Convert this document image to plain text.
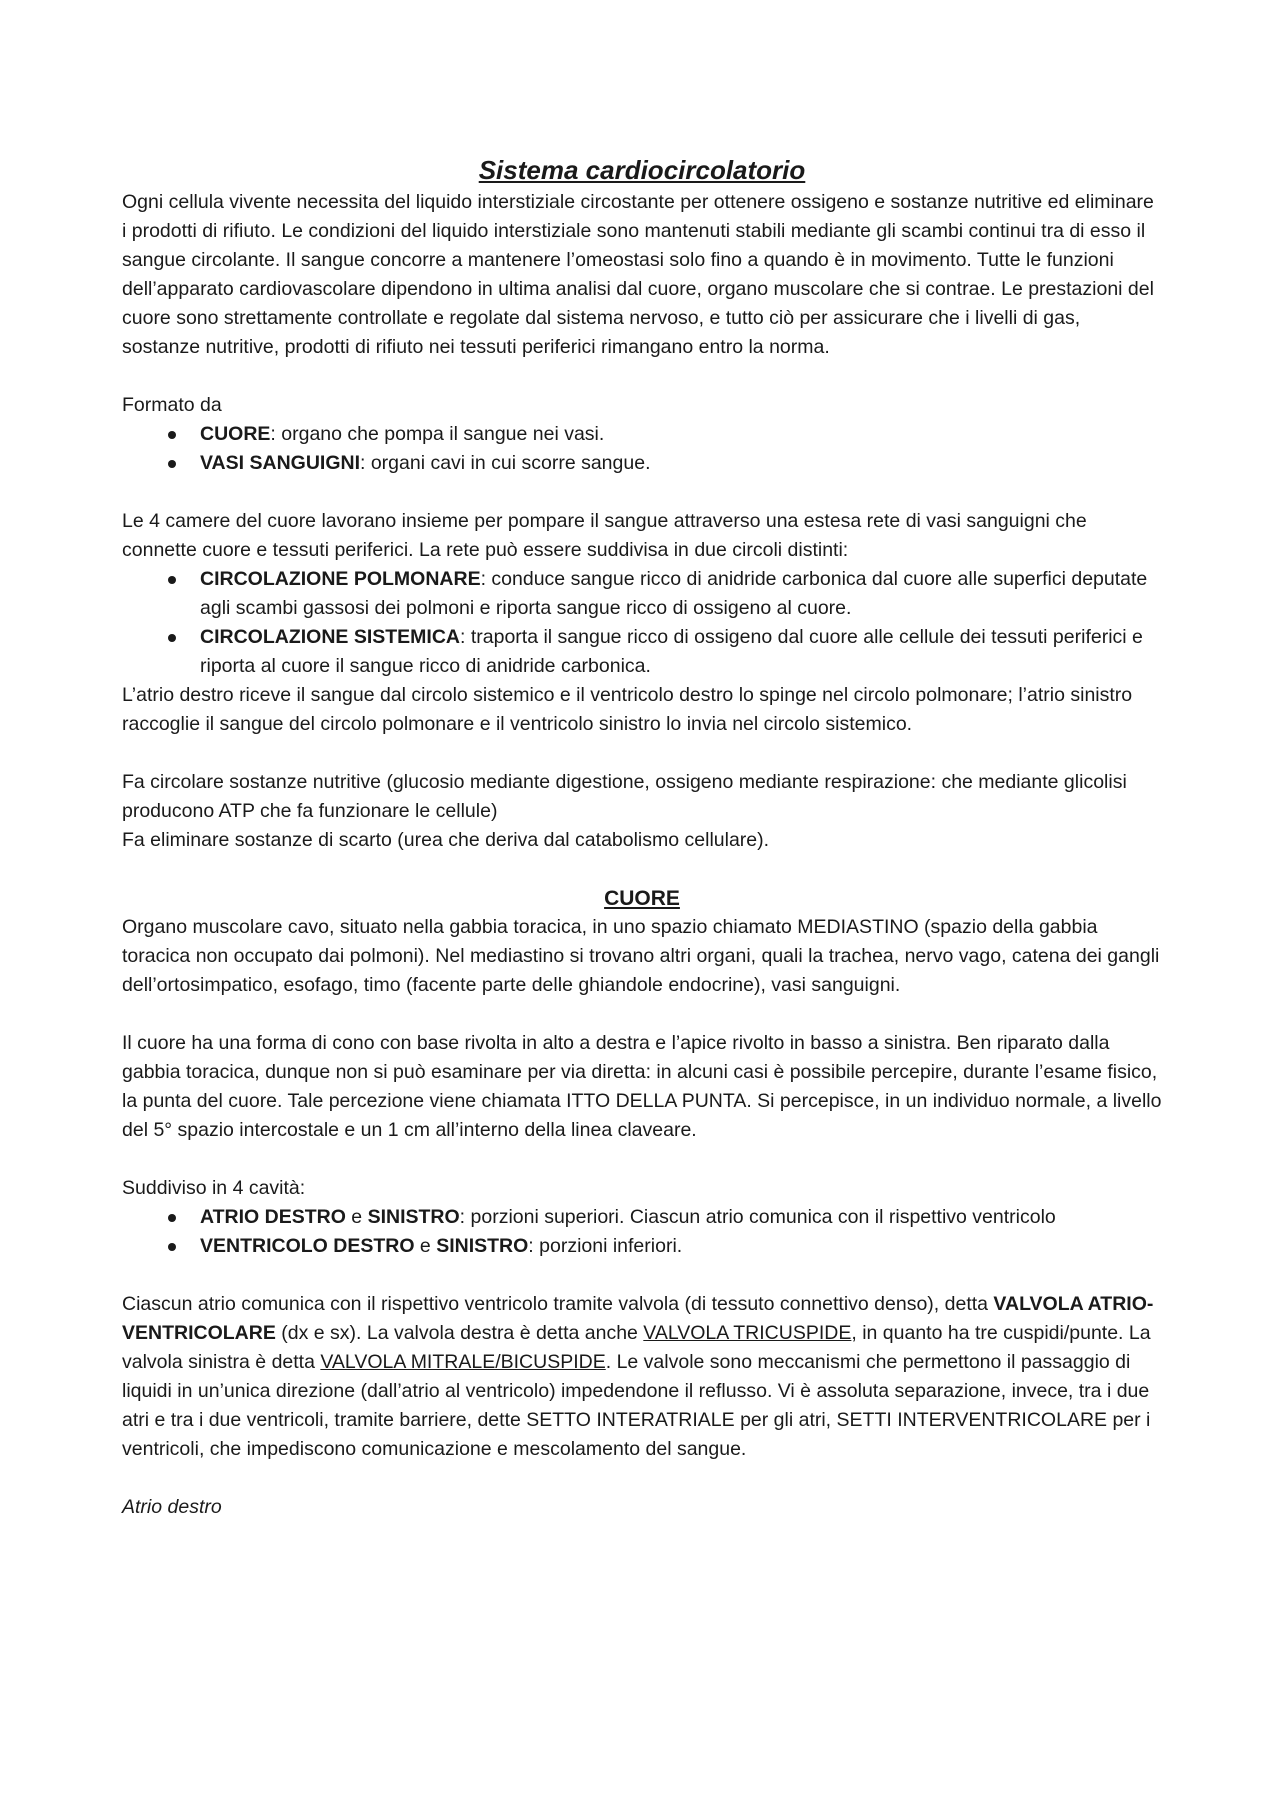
Sistema cardiocircolatorio

Ogni cellula vivente necessita del liquido interstiziale circostante per ottenere ossigeno e sostanze nutritive ed eliminare i prodotti di rifiuto. Le condizioni del liquido interstiziale sono mantenuti stabili mediante gli scambi continui tra di esso il sangue circolante. Il sangue concorre a mantenere l’omeostasi solo fino a quando è in movimento. Tutte le funzioni dell’apparato cardiovascolare dipendono in ultima analisi dal cuore, organo muscolare che si contrae. Le prestazioni del cuore sono strettamente controllate e regolate dal sistema nervoso, e tutto ciò per assicurare che i livelli di gas, sostanze nutritive, prodotti di rifiuto nei tessuti periferici rimangano entro la norma.

Formato da

CUORE: organo che pompa il sangue nei vasi.
VASI SANGUIGNI: organi cavi in cui scorre sangue.

Le 4 camere del cuore lavorano insieme per pompare il sangue attraverso una estesa rete di vasi sanguigni che connette cuore e tessuti periferici. La rete può essere suddivisa in due circoli distinti:

CIRCOLAZIONE POLMONARE: conduce sangue ricco di anidride carbonica dal cuore alle superfici deputate agli scambi gassosi dei polmoni e riporta sangue ricco di ossigeno al cuore.
CIRCOLAZIONE SISTEMICA: traporta il sangue ricco di ossigeno dal cuore alle cellule dei tessuti periferici e riporta al cuore il sangue ricco di anidride carbonica.

L’atrio destro riceve il sangue dal circolo sistemico e il ventricolo destro lo spinge nel circolo polmonare; l’atrio sinistro raccoglie il sangue del circolo polmonare e il ventricolo sinistro lo invia nel circolo sistemico.

Fa circolare sostanze nutritive (glucosio mediante digestione, ossigeno mediante respirazione: che mediante glicolisi producono ATP che fa funzionare le cellule)

Fa eliminare sostanze di scarto (urea che deriva dal catabolismo cellulare).

CUORE

Organo muscolare cavo, situato nella gabbia toracica, in uno spazio chiamato MEDIASTINO (spazio della gabbia toracica non occupato dai polmoni). Nel mediastino si trovano altri organi, quali la trachea, nervo vago, catena dei gangli dell’ortosimpatico, esofago, timo (facente parte delle ghiandole endocrine), vasi sanguigni.

Il cuore ha una forma di cono con base rivolta in alto a destra e l’apice rivolto in basso a sinistra. Ben riparato dalla gabbia toracica, dunque non si può esaminare per via diretta: in alcuni casi è possibile percepire, durante l’esame fisico, la punta del cuore. Tale percezione viene chiamata ITTO DELLA PUNTA. Si percepisce, in un individuo normale, a livello del 5° spazio intercostale e un 1 cm all’interno della linea claveare.

Suddiviso in 4 cavità:

ATRIO DESTRO e SINISTRO: porzioni superiori. Ciascun atrio comunica con il rispettivo ventricolo
VENTRICOLO DESTRO e SINISTRO: porzioni inferiori.

Ciascun atrio comunica con il rispettivo ventricolo tramite valvola (di tessuto connettivo denso), detta VALVOLA ATRIO-VENTRICOLARE (dx e sx). La valvola destra è detta anche VALVOLA TRICUSPIDE, in quanto ha tre cuspidi/punte. La valvola sinistra è detta VALVOLA MITRALE/BICUSPIDE. Le valvole sono meccanismi che permettono il passaggio di liquidi in un’unica direzione (dall’atrio al ventricolo) impedendone il reflusso. Vi è assoluta separazione, invece, tra i due atri e tra i due ventricoli, tramite barriere, dette SETTO INTERATRIALE per gli atri, SETTI INTERVENTRICOLARE per i ventricoli, che impediscono comunicazione e mescolamento del sangue.

Atrio destro
